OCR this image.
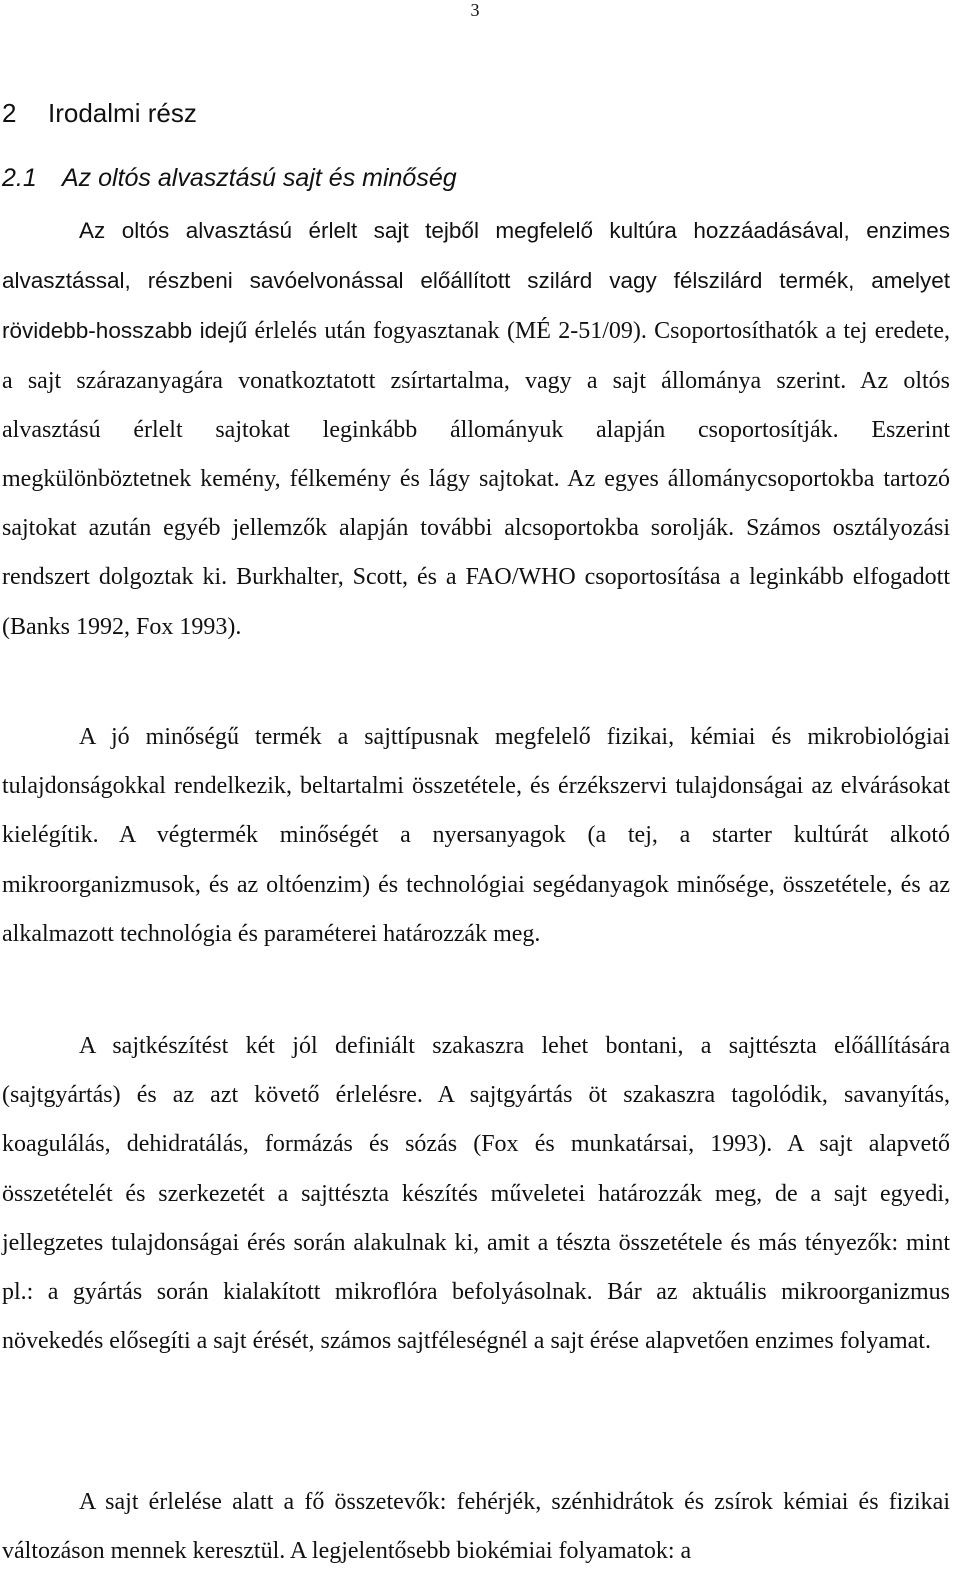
3
2 Irodalmi rész
2.1 Az oltós alvasztású sajt és minőség

Az oltós alvasztású érlelt sajt tejből megfelelő kultúra hozzáadásával, enzimes alvasztással, részbeni savóelvonással előállított szilárd vagy félszilárd termék, amelyet rövidebb-hosszabb idejű érlelés után fogyasztanak (MÉ 2-51/09). Csoportosíthatók a tej eredete, a sajt szárazanyagára vonatkoztatott zsírtartalma, vagy a sajt állománya szerint. Az oltós alvasztású érlelt sajtokat leginkább állományuk alapján csoportosítják. Eszerint megkülönböztetnek kemény, félkemény és lágy sajtokat. Az egyes állománycsoportokba tartozó sajtokat azután egyéb jellemzők alapján további alcsoportokba sorolják. Számos osztályozási rendszert dolgoztak ki. Burkhalter, Scott, és a FAO/WHO csoportosítása a leginkább elfogadott (Banks 1992, Fox 1993).

A jó minőségű termék a sajttípusnak megfelelő fizikai, kémiai és mikrobiológiai tulajdonságokkal rendelkezik, beltartalmi összetétele, és érzékszervi tulajdonságai az elvárásokat kielégítik. A végtermék minőségét a nyersanyagok (a tej, a starter kultúrát alkotó mikroorganizmusok, és az oltóenzim) és technológiai segédanyagok minősége, összetétele, és az alkalmazott technológia és paraméterei határozzák meg.

A sajtkészítést két jól definiált szakaszra lehet bontani, a sajttészta előállítására (sajtgyártás) és az azt követő érlelésre. A sajtgyártás öt szakaszra tagolódik, savanyítás, koagulálás, dehidratálás, formázás és sózás (Fox és munkatársai, 1993). A sajt alapvető összetételét és szerkezetét a sajttészta készítés műveletei határozzák meg, de a sajt egyedi, jellegzetes tulajdonságai érés során alakulnak ki, amit a tészta összetétele és más tényezők: mint pl.: a gyártás során kialakított mikroflóra befolyásolnak. Bár az aktuális mikroorganizmus növekedés elősegíti a sajt érését, számos sajtféleségnél a sajt érése alapvetően enzimes folyamat.

A sajt érlelése alatt a fő összetevők: fehérjék, szénhidrátok és zsírok kémiai és fizikai változáson mennek keresztül. A legjelentősebb biokémiai folyamatok: a
